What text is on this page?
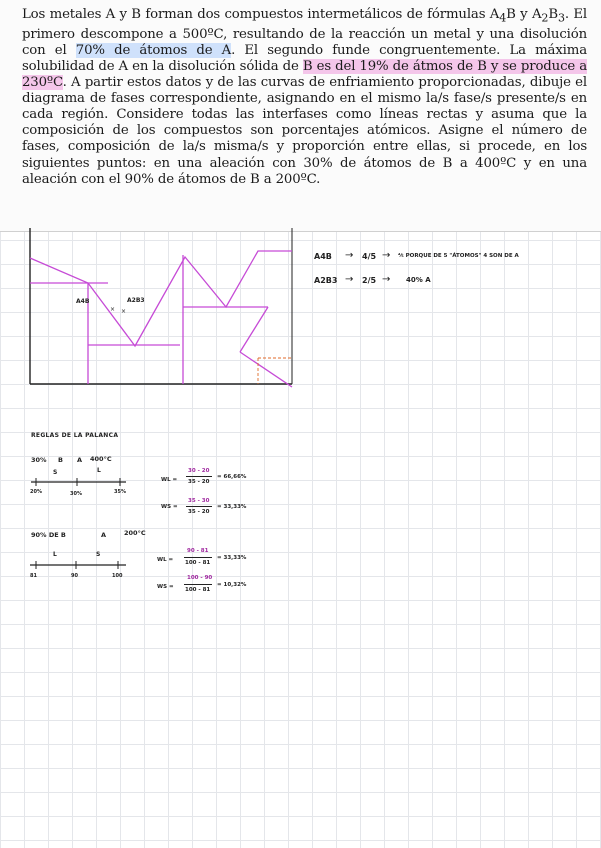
Los metales A y B forman dos compuestos intermetálicos de fórmulas $A_4B$ y $A_2B_3$. El primero descompone a 500ºC, resultando de la reacción un metal y una disolución con el 70% de átomos de A. El segundo funde congruentemente. La máxima solubilidad de A en la disolución sólida de B es del 19% de átmos de B y se produce a 230ºC. A partir estos datos y de las curvas de enfriamiento proporcionadas, dibuje el diagrama de fases correspondiente, asignando en el mismo la/s fase/s presente/s en cada región. Considere todas las interfases como líneas rectas y asuma que la composición de los compuestos son porcentajes atómicos. Asigne el número de fases, composición de la/s misma/s y proporción entre ellas, si procede, en los siguientes puntos: en una aleación con 30% de átomos de B a 400ºC y en una aleación con el 90% de átomos de B a 200ºC.

× ×
A4B	A2B3
A4B → 4/5 → ⅘ PORQUE DE 5 "ÁTOMOS" 4 SON DE A
A2B3 → 2/5 → 40% A
REGLAS DE LA PALANCA
30% B A 400°C
S	L
20%	30%	35%
WL =
30 - 20
35 - 20
= 66,66%
WS =
35 - 30
35 - 20
= 33,33%
90% DE B	A	200°C
L	S
81	90	100
WL =
90 - 81
100 - 81
= 33,33%
WS =
100 - 90
100 - 81
= 10,32%
